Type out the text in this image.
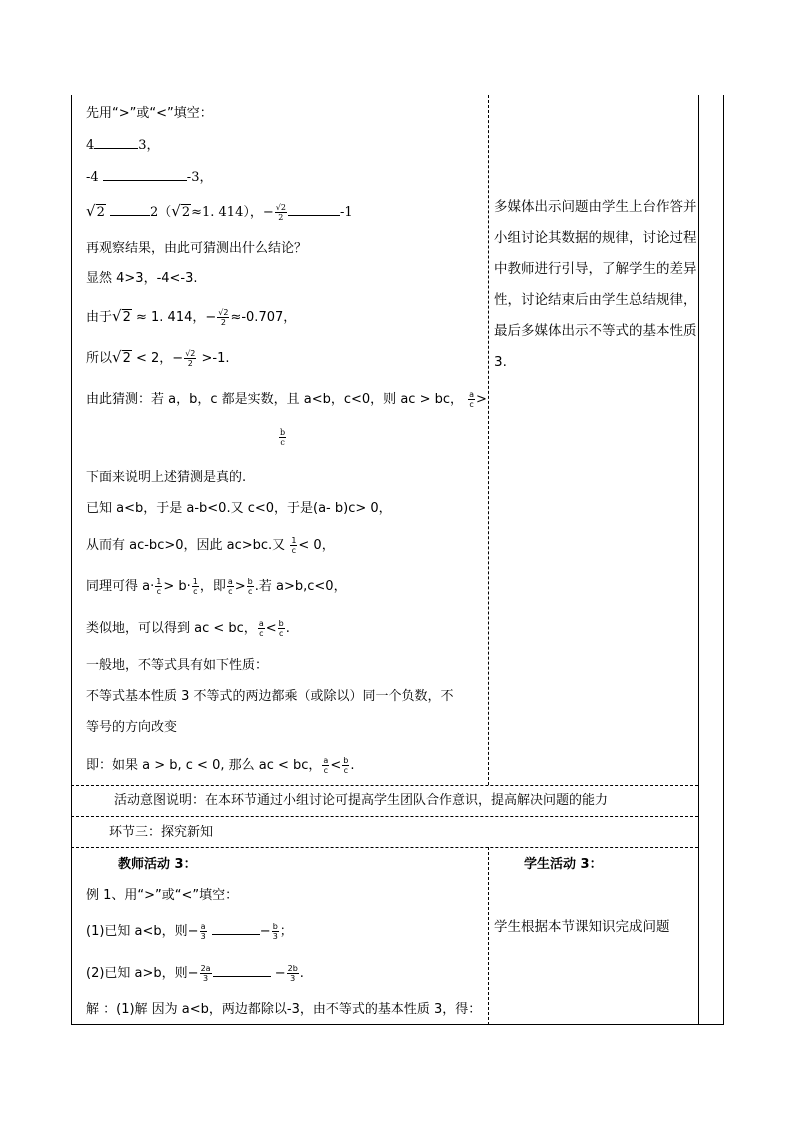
先用“>”或“<”填空：
4	3，
-4	-3，
√2	2（√2≈1. 414），− $\frac{√2}{2}$	-1
再观察结果，由此可猜测出什么结论？
显然 4>3，-4<-3.
由于√2 ≈ 1. 414，− $\frac{√2}{2} \approx-0.707$，
所以√2 < 2，− $\frac{√2}{2} >-1$.
由此猜测：若 a，b，c 都是实数，且 a<b，c<0，则 ac > bc， $\frac{a}{c}$ >
$\frac{b}{c}$
下面来说明上述猜测是真的.
已知 a<b，于是 a-b<0.又 c<0，于是(a- b)c> 0，
从而有 ac-bc>0，因此 ac>bc.又 $\frac{1}{c} < 0$，
同理可得 $a\cdot \frac{1}{c} > b\cdot \frac{1}{c}$ ，即 $\frac{a}{c} > \frac{b}{c}$ .若 a>b,c<0，
类似地，可以得到 ac < bc， $\frac{a}{c} < \frac{b}{c}$ .
一般地，不等式具有如下性质：
不等式基本性质 3 不等式的两边都乘（或除以）同一个负数，不
等号的方向改变
即：如果 a > b, c < 0, 那么 ac < bc， $\frac{a}{c} < \frac{b}{c}$ .
多媒体出示问题由学生上台作答并小组讨论其数据的规律，讨论过程中教师进行引导，了解学生的差异性，讨论结束后由学生总结规律，最后多媒体出示不等式的基本性质 3.
活动意图说明：在本环节通过小组讨论可提高学生团队合作意识，提高解决问题的能力
环节三：探究新知
教师活动 3：	学生活动 3：
例 1、用“>”或“<”填空：
(1)已知 a<b，则− $\frac{a}{3}$	− $\frac{b}{3}$ ；
(2)已知 a>b，则− $\frac{2a}{3}$	− $\frac{2b}{3}$ .
解 ：(1)解 因为 a<b，两边都除以-3，由不等式的基本性质 3，得：
学生根据本节课知识完成问题
